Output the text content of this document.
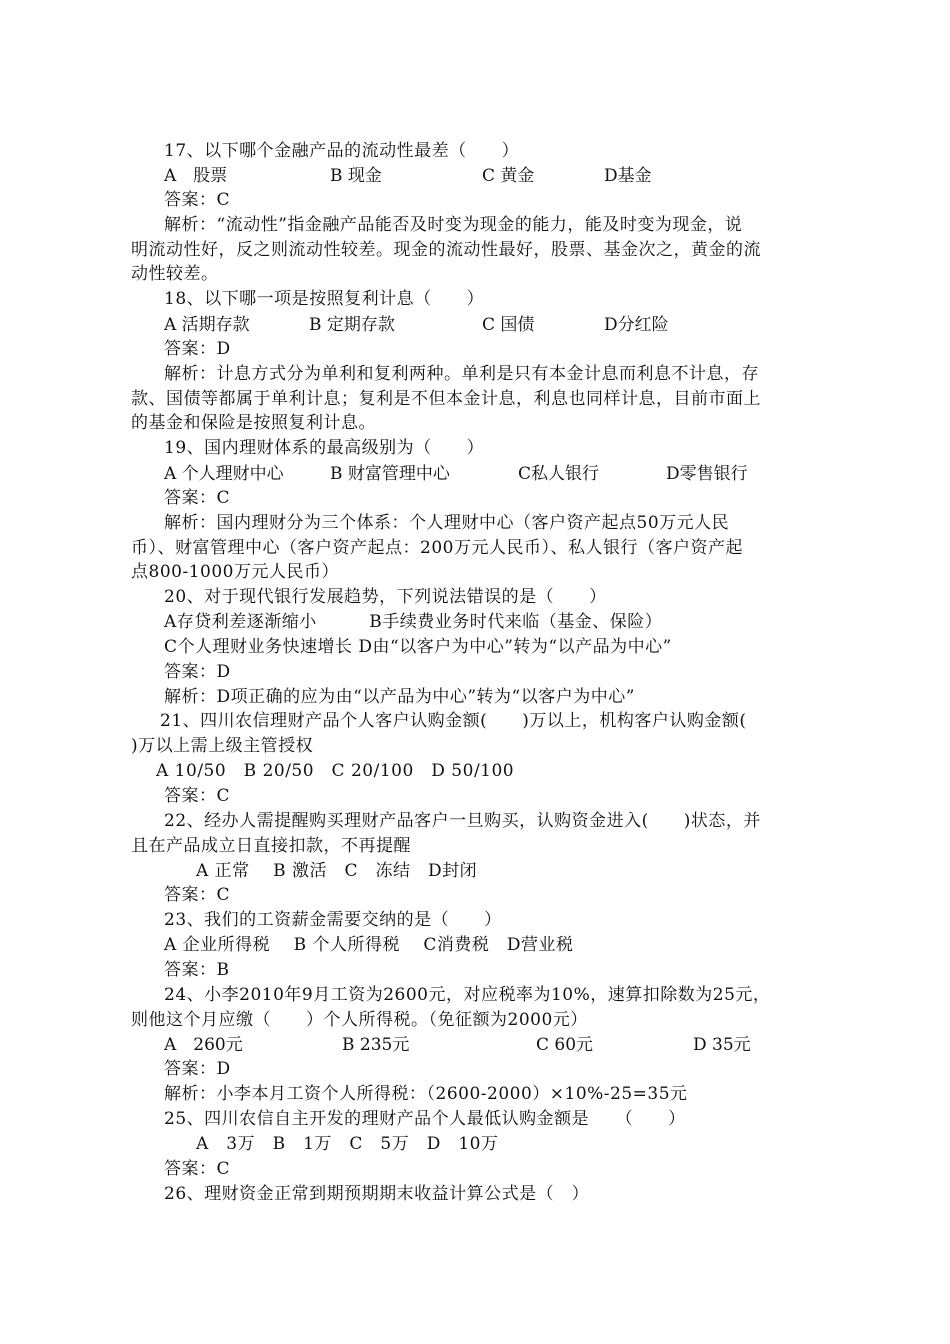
17、以下哪个金融产品的流动性最差（　　）
A　股票	B 现金	C 黄金	D基金
答案：C
解析：“流动性”指金融产品能否及时变为现金的能力，能及时变为现金，说
明流动性好，反之则流动性较差。现金的流动性最好，股票、基金次之，黄金的流
动性较差。
18、以下哪一项是按照复利计息（　　）
A 活期存款	B 定期存款	C 国债	D分红险
答案：D
解析：计息方式分为单利和复利两种。单利是只有本金计息而利息不计息，存
款、国债等都属于单利计息；复利是不但本金计息，利息也同样计息，目前市面上
的基金和保险是按照复利计息。
19、国内理财体系的最高级别为（　　）
A 个人理财中心	B 财富管理中心	C私人银行	D零售银行
答案：C
解析：国内理财分为三个体系：个人理财中心（客户资产起点50万元人民
币）、财富管理中心（客户资产起点：200万元人民币）、私人银行（客户资产起
点800-1000万元人民币）
20、对于现代银行发展趋势，下列说法错误的是（　　）
A存贷利差逐渐缩小　　　B手续费业务时代来临（基金、保险）
C个人理财业务快速增长 D由“以客户为中心”转为“以产品为中心”
答案：D
解析：D项正确的应为由“以产品为中心”转为“以客户为中心”
21、四川农信理财产品个人客户认购金额(　　)万以上，机构客户认购金额(
)万以上需上级主管授权
A 10/50　B 20/50　C 20/100　D 50/100
答案：C
22、经办人需提醒购买理财产品客户一旦购买，认购资金进入(　　)状态，并
且在产品成立日直接扣款，不再提醒
A 正常　 B 激活　C　冻结　D封闭
答案：C
23、我们的工资薪金需要交纳的是（　　）
A 企业所得税　 B 个人所得税　 C消费税　D营业税
答案：B
24、小李2010年9月工资为2600元，对应税率为10%，速算扣除数为25元，
则他这个月应缴（　　）个人所得税。（免征额为2000元）
A　260元	B 235元	C 60元	D 35元
答案：D
解析：小李本月工资个人所得税：（2600-2000）×10%-25=35元
25、四川农信自主开发的理财产品个人最低认购金额是　　（　　）
A　3万　B　1万　C　5万　D　10万
答案：C
26、理财资金正常到期预期期末收益计算公式是（　）
